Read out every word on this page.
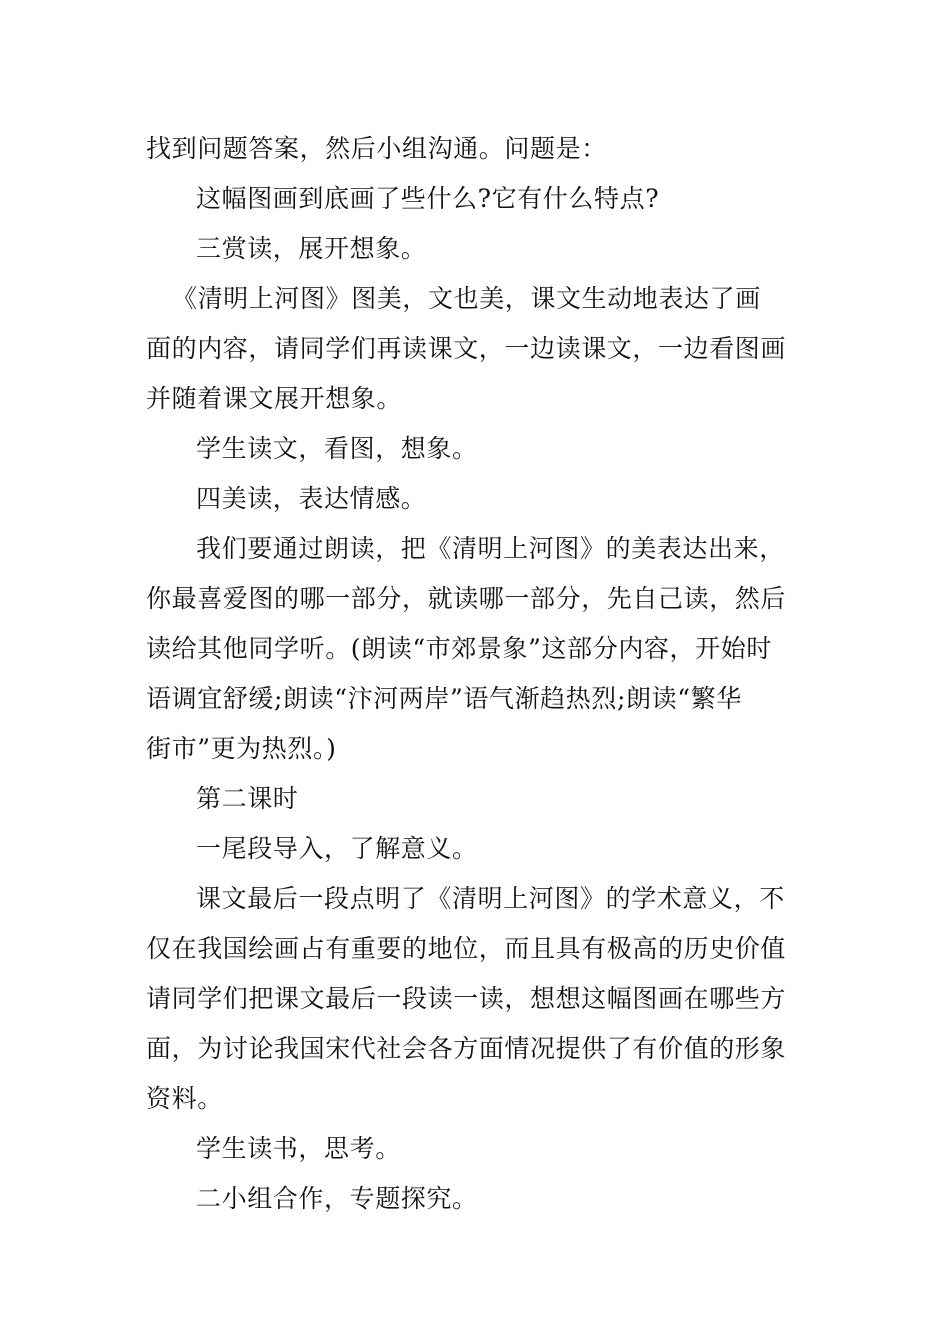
找到问题答案，然后小组沟通。问题是：
这幅图画到底画了些什么?它有什么特点?
三赏读，展开想象。
《清明上河图》图美，文也美，课文生动地表达了画
面的内容，请同学们再读课文，一边读课文，一边看图画
并随着课文展开想象。
学生读文，看图，想象。
四美读，表达情感。
我们要通过朗读，把《清明上河图》的美表达出来，
你最喜爱图的哪一部分，就读哪一部分，先自己读，然后
读给其他同学听。(朗读“市郊景象”这部分内容，开始时
语调宜舒缓;朗读“汴河两岸”语气渐趋热烈;朗读“繁华
街市”更为热烈。)
第二课时
一尾段导入，了解意义。
课文最后一段点明了《清明上河图》的学术意义，不
仅在我国绘画占有重要的地位，而且具有极高的历史价值
请同学们把课文最后一段读一读，想想这幅图画在哪些方
面，为讨论我国宋代社会各方面情况提供了有价值的形象
资料。
学生读书，思考。
二小组合作，专题探究。
